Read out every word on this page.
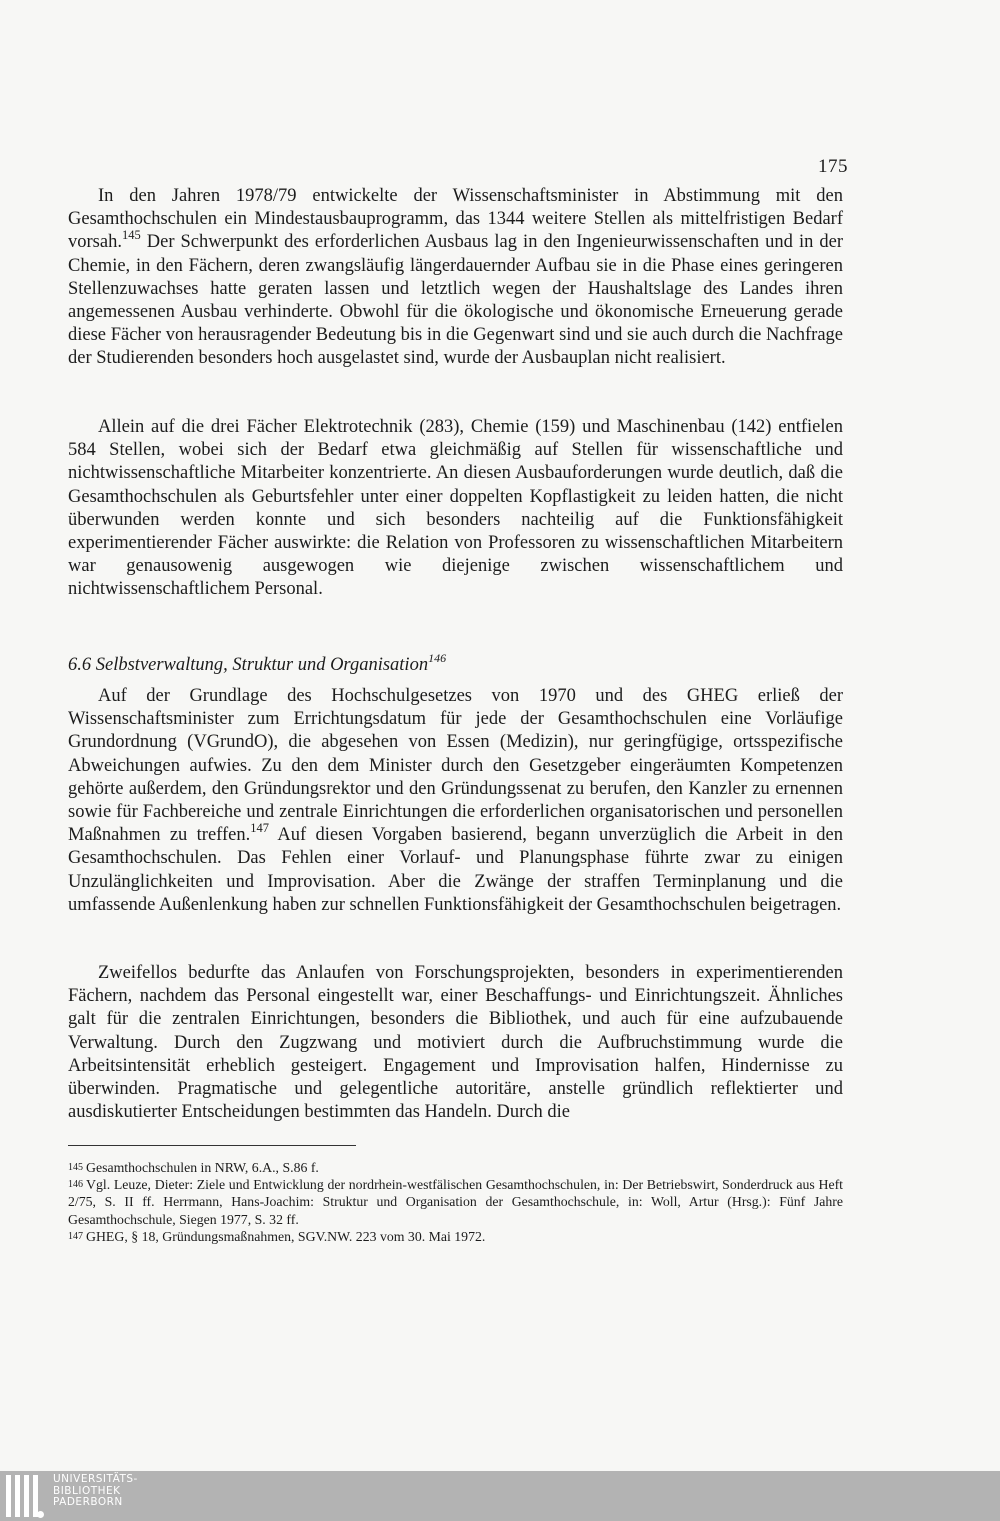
175

In den Jahren 1978/79 entwickelte der Wissenschaftsminister in Abstimmung mit den Gesamthochschulen ein Mindestausbauprogramm, das 1344 weitere Stellen als mittelfristigen Bedarf vorsah.$^{145}$ Der Schwerpunkt des erforderlichen Ausbaus lag in den Ingenieurwissenschaften und in der Chemie, in den Fächern, deren zwangsläufig längerdauernder Aufbau sie in die Phase eines geringeren Stellenzuwachses hatte geraten lassen und letztlich wegen der Haushaltslage des Landes ihren angemessenen Ausbau verhinderte. Obwohl für die ökologische und ökonomische Erneuerung gerade diese Fächer von herausragender Bedeutung bis in die Gegenwart sind und sie auch durch die Nachfrage der Studierenden besonders hoch ausgelastet sind, wurde der Ausbauplan nicht realisiert.

Allein auf die drei Fächer Elektrotechnik (283), Chemie (159) und Maschinenbau (142) entfielen 584 Stellen, wobei sich der Bedarf etwa gleichmäßig auf Stellen für wissenschaftliche und nichtwissenschaftliche Mitarbeiter konzentrierte. An diesen Ausbauforderungen wurde deutlich, daß die Gesamthochschulen als Geburtsfehler unter einer doppelten Kopflastigkeit zu leiden hatten, die nicht überwunden werden konnte und sich besonders nachteilig auf die Funktionsfähigkeit experimentierender Fächer auswirkte: die Relation von Professoren zu wissenschaftlichen Mitarbeitern war genausowenig ausgewogen wie diejenige zwischen wissenschaftlichem und nichtwissenschaftlichem Personal.

6.6 Selbstverwaltung, Struktur und Organisation$^{146}$

Auf der Grundlage des Hochschulgesetzes von 1970 und des GHEG erließ der Wissenschaftsminister zum Errichtungsdatum für jede der Gesamthochschulen eine Vorläufige Grundordnung (VGrundO), die abgesehen von Essen (Medizin), nur geringfügige, ortsspezifische Abweichungen aufwies. Zu den dem Minister durch den Gesetzgeber eingeräumten Kompetenzen gehörte außerdem, den Gründungsrektor und den Gründungssenat zu berufen, den Kanzler zu ernennen sowie für Fachbereiche und zentrale Einrichtungen die erforderlichen organisatorischen und personellen Maßnahmen zu treffen.$^{147}$ Auf diesen Vorgaben basierend, begann unverzüglich die Arbeit in den Gesamthochschulen. Das Fehlen einer Vorlauf- und Planungsphase führte zwar zu einigen Unzulänglichkeiten und Improvisation. Aber die Zwänge der straffen Terminplanung und die umfassende Außenlenkung haben zur schnellen Funktionsfähigkeit der Gesamthochschulen beigetragen.

Zweifellos bedurfte das Anlaufen von Forschungsprojekten, besonders in experimentierenden Fächern, nachdem das Personal eingestellt war, einer Beschaffungs- und Einrichtungszeit. Ähnliches galt für die zentralen Einrichtungen, besonders die Bibliothek, und auch für eine aufzubauende Verwaltung. Durch den Zugzwang und motiviert durch die Aufbruchstimmung wurde die Arbeitsintensität erheblich gesteigert. Engagement und Improvisation halfen, Hindernisse zu überwinden. Pragmatische und gelegentliche autoritäre, anstelle gründlich reflektierter und ausdiskutierter Entscheidungen bestimmten das Handeln. Durch die

145 Gesamthochschulen in NRW, 6.A., S.86 f.
146 Vgl. Leuze, Dieter: Ziele und Entwicklung der nordrhein-westfälischen Gesamthochschulen, in: Der Betriebswirt, Sonderdruck aus Heft 2/75, S. II ff. Herrmann, Hans-Joachim: Struktur und Organisation der Gesamthochschule, in: Woll, Artur (Hrsg.): Fünf Jahre Gesamthochschule, Siegen 1977, S. 32 ff.
147 GHEG, § 18, Gründungsmaßnahmen, SGV.NW. 223 vom 30. Mai 1972.
UNIVERSITÄTS-
BIBLIOTHEK
PADERBORN
